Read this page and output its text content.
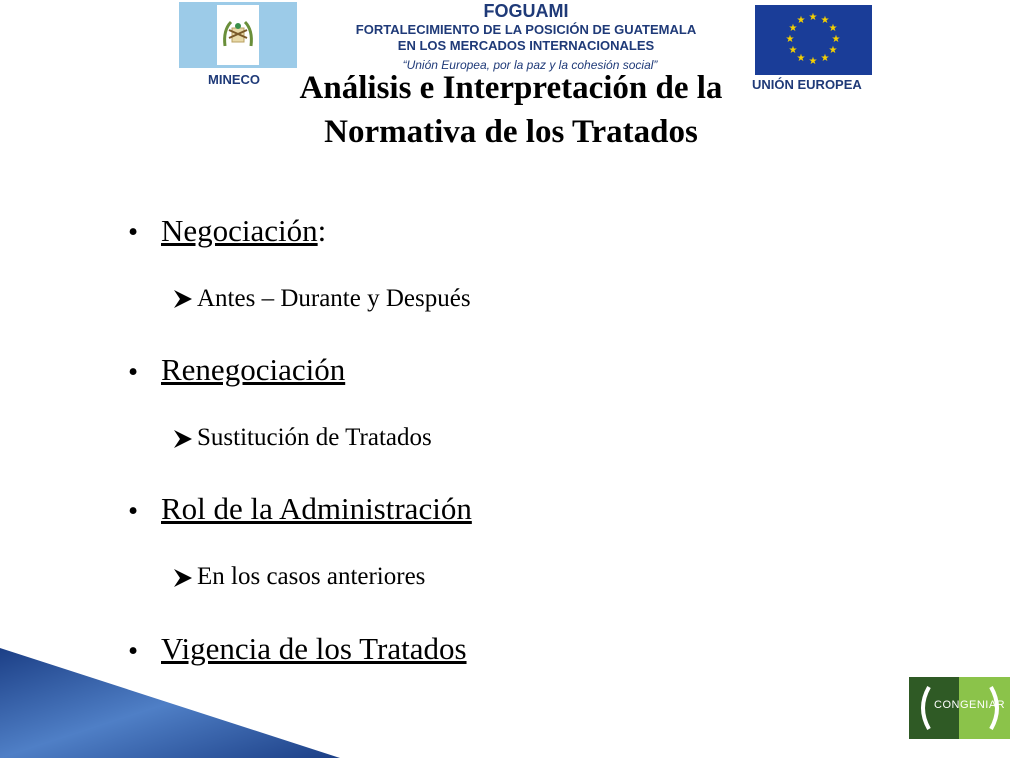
MINECO
FOGUAMI
FORTALECIMIENTO DE LA POSICIÓN DE GUATEMALA
EN LOS MERCADOS INTERNACIONALES
“Unión Europea, por la paz y la cohesión social”
★ ★
★
★
★
★
★
★
★
★
★
★
UNIÓN EUROPEA
Análisis e Interpretación de la
Normativa de los Tratados
• Negociación:
Antes – Durante y Después
• Renegociación
Sustitución de Tratados
• Rol de la Administración
En los casos anteriores
• Vigencia de los Tratados
CONGENIAR
